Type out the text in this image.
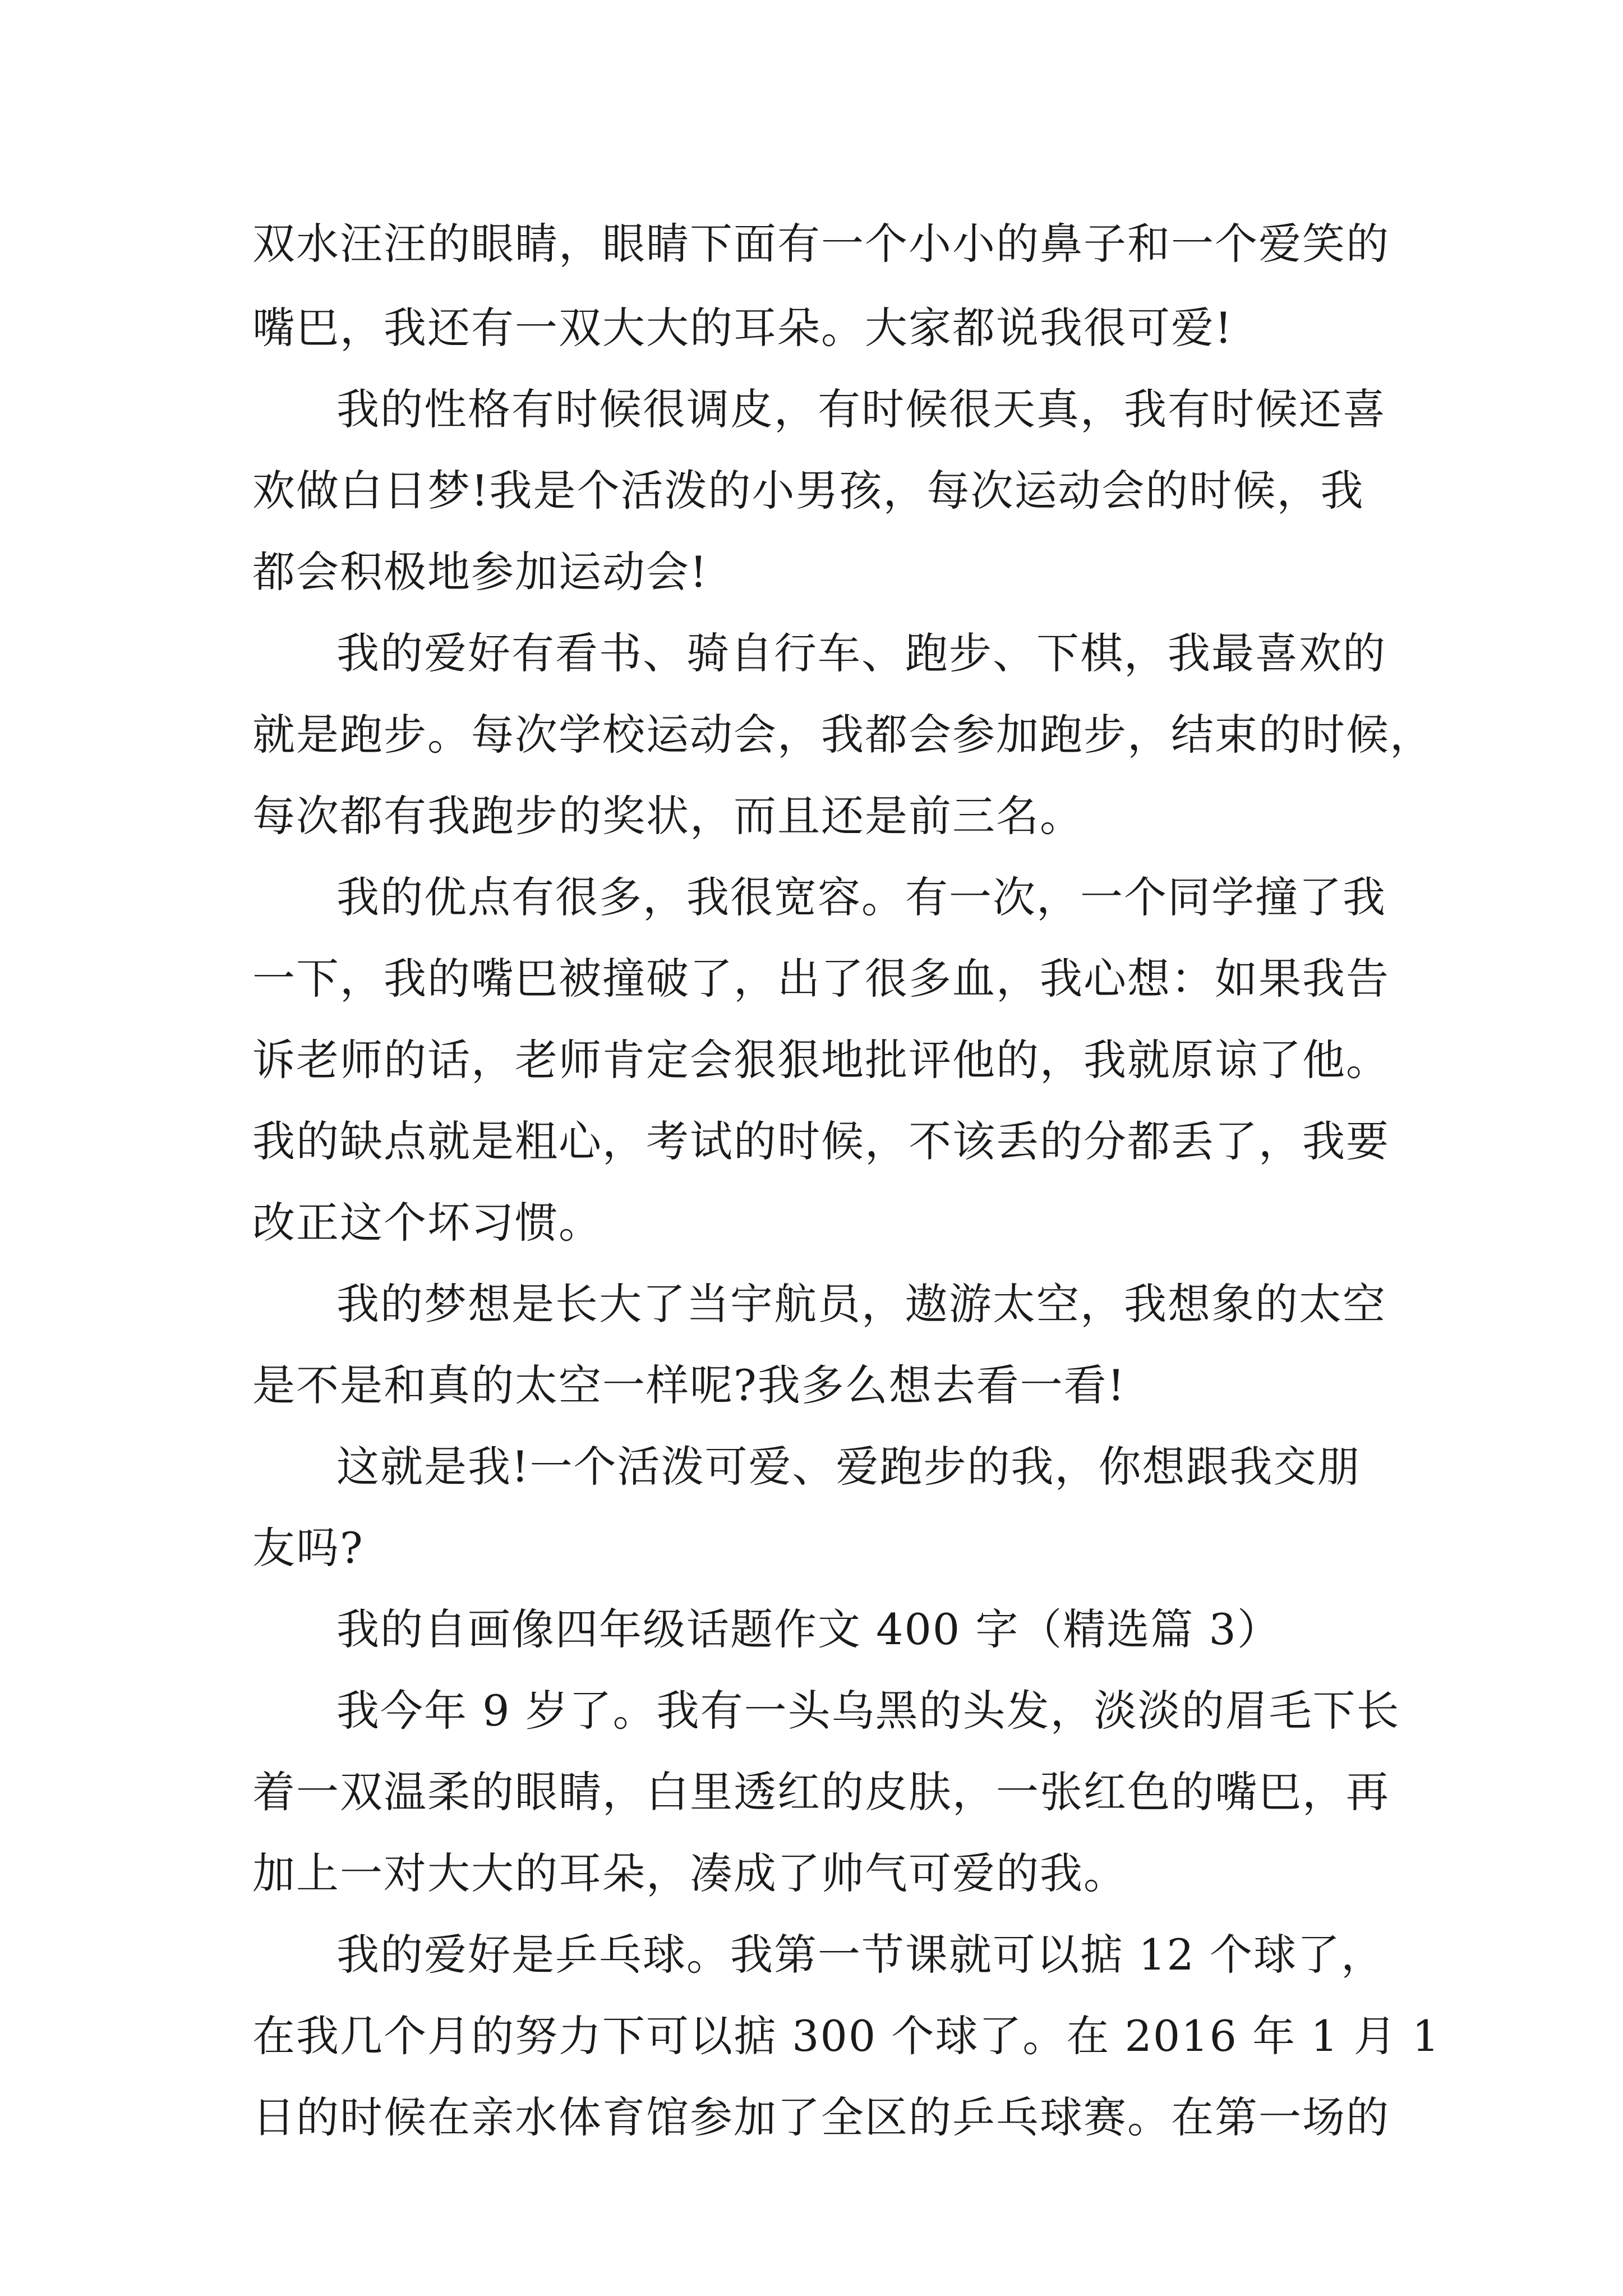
双水汪汪的眼睛，眼睛下面有一个小小的鼻子和一个爱笑的
嘴巴，我还有一双大大的耳朵。大家都说我很可爱!
我的性格有时候很调皮，有时候很天真，我有时候还喜
欢做白日梦!我是个活泼的小男孩，每次运动会的时候，我
都会积极地参加运动会!
我的爱好有看书、骑自行车、跑步、下棋，我最喜欢的
就是跑步。每次学校运动会，我都会参加跑步，结束的时候，
每次都有我跑步的奖状，而且还是前三名。
我的优点有很多，我很宽容。有一次，一个同学撞了我
一下，我的嘴巴被撞破了，出了很多血，我心想：如果我告
诉老师的话，老师肯定会狠狠地批评他的，我就原谅了他。
我的缺点就是粗心，考试的时候，不该丢的分都丢了，我要
改正这个坏习惯。
我的梦想是长大了当宇航员，遨游太空，我想象的太空
是不是和真的太空一样呢?我多么想去看一看!
这就是我!一个活泼可爱、爱跑步的我，你想跟我交朋
友吗?
我的自画像四年级话题作文 400 字（精选篇 3）
我今年 9 岁了。我有一头乌黑的头发，淡淡的眉毛下长
着一双温柔的眼睛，白里透红的皮肤，一张红色的嘴巴，再
加上一对大大的耳朵，凑成了帅气可爱的我。
我的爱好是乒乓球。我第一节课就可以掂 12 个球了，
在我几个月的努力下可以掂 300 个球了。在 2016 年 1 月 1
日的时候在亲水体育馆参加了全区的乒乓球赛。在第一场的
